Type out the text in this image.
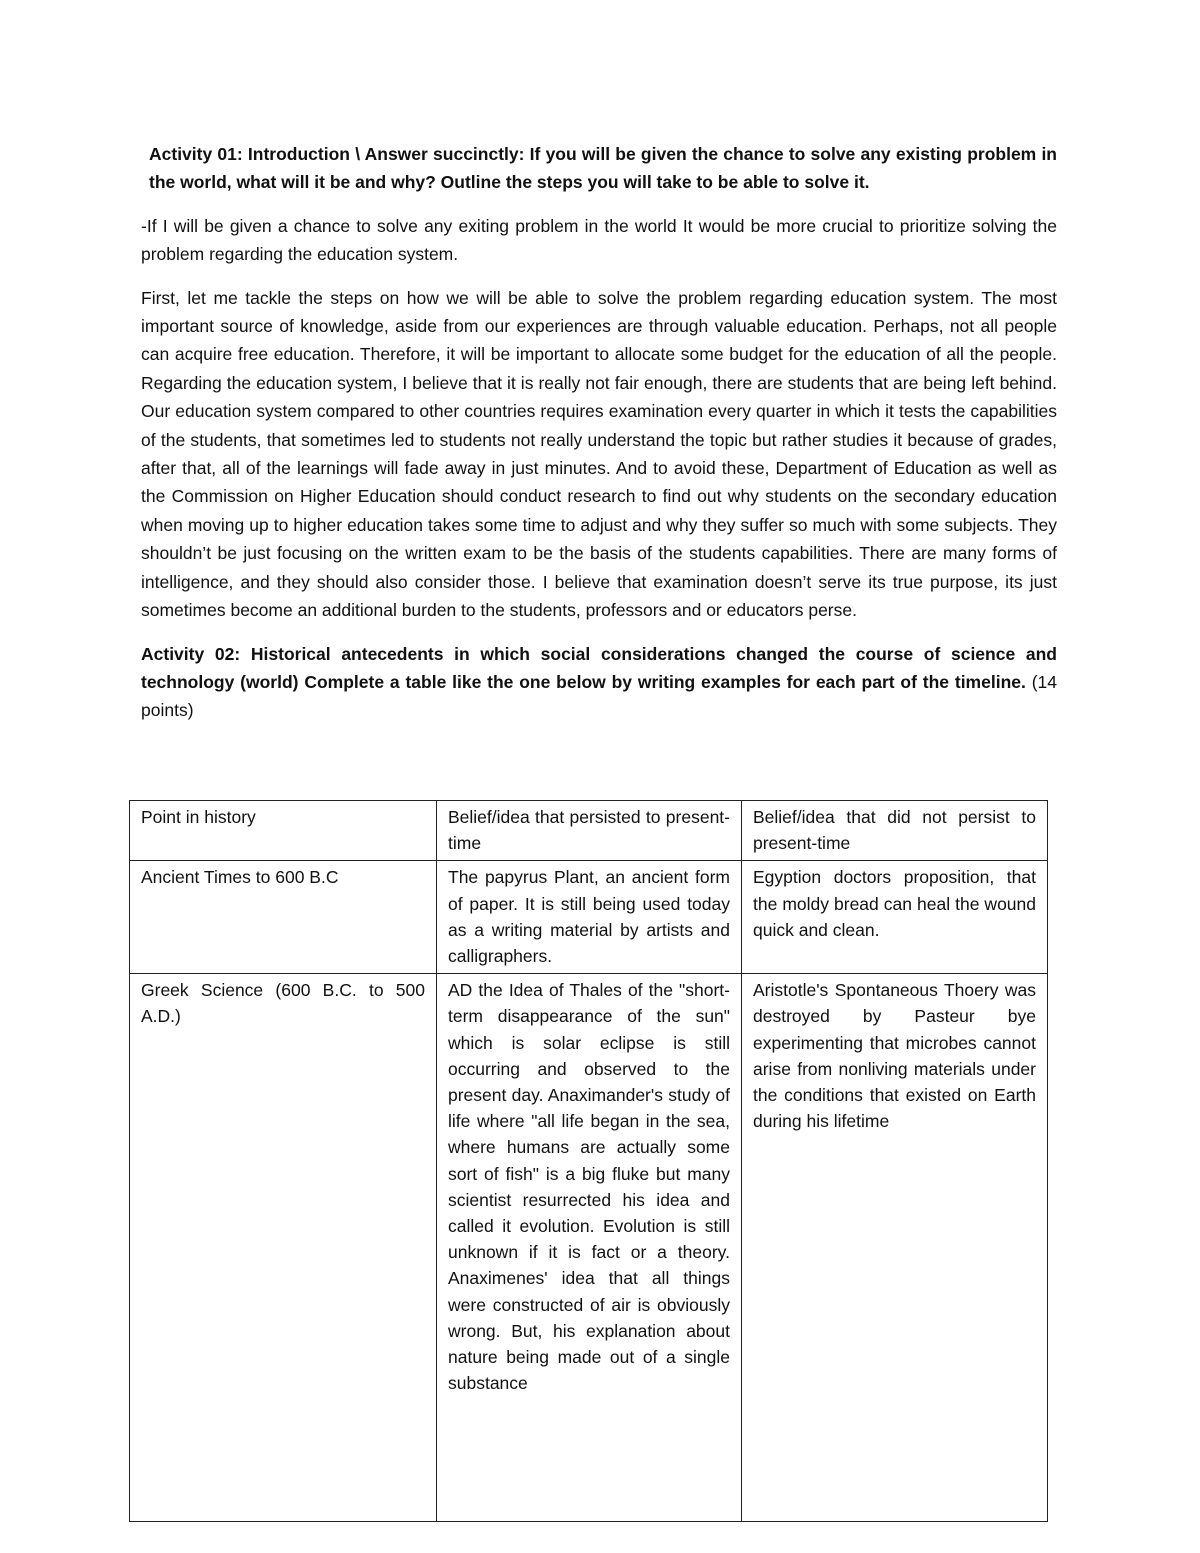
Activity 01: Introduction \ Answer succinctly: If you will be given the chance to solve any existing problem in the world, what will it be and why? Outline the steps you will take to be able to solve it.

-If I will be given a chance to solve any exiting problem in the world It would be more crucial to prioritize solving the problem regarding the education system.

First, let me tackle the steps on how we will be able to solve the problem regarding education system. The most important source of knowledge, aside from our experiences are through valuable education. Perhaps, not all people can acquire free education. Therefore, it will be important to allocate some budget for the education of all the people. Regarding the education system, I believe that it is really not fair enough, there are students that are being left behind. Our education system compared to other countries requires examination every quarter in which it tests the capabilities of the students, that sometimes led to students not really understand the topic but rather studies it because of grades, after that, all of the learnings will fade away in just minutes. And to avoid these, Department of Education as well as the Commission on Higher Education should conduct research to find out why students on the secondary education when moving up to higher education takes some time to adjust and why they suffer so much with some subjects. They shouldn’t be just focusing on the written exam to be the basis of the students capabilities. There are many forms of intelligence, and they should also consider those. I believe that examination doesn’t serve its true purpose, its just sometimes become an additional burden to the students, professors and or educators perse.

Activity 02: Historical antecedents in which social considerations changed the course of science and technology (world) Complete a table like the one below by writing examples for each part of the timeline. (14 points)

Point in history	Belief/idea that persisted to present-time	Belief/idea that did not persist to present-time
Ancient Times to 600 B.C	The papyrus Plant, an ancient form of paper. It is still being used today as a writing material by artists and calligraphers.	Egyption doctors proposition, that the moldy bread can heal the wound quick and clean.
Greek Science (600 B.C. to 500 A.D.)	AD the Idea of Thales of the "short-term disappearance of the sun" which is solar eclipse is still occurring and observed to the present day. Anaximander's study of life where "all life began in the sea, where humans are actually some sort of fish" is a big fluke but many scientist resurrected his idea and called it evolution. Evolution is still unknown if it is fact or a theory. Anaximenes' idea that all things were constructed of air is obviously wrong. But, his explanation about nature being made out of a single substance	Aristotle's Spontaneous Thoery was destroyed by Pasteur bye experimenting that microbes cannot arise from nonliving materials under the conditions that existed on Earth during his lifetime
